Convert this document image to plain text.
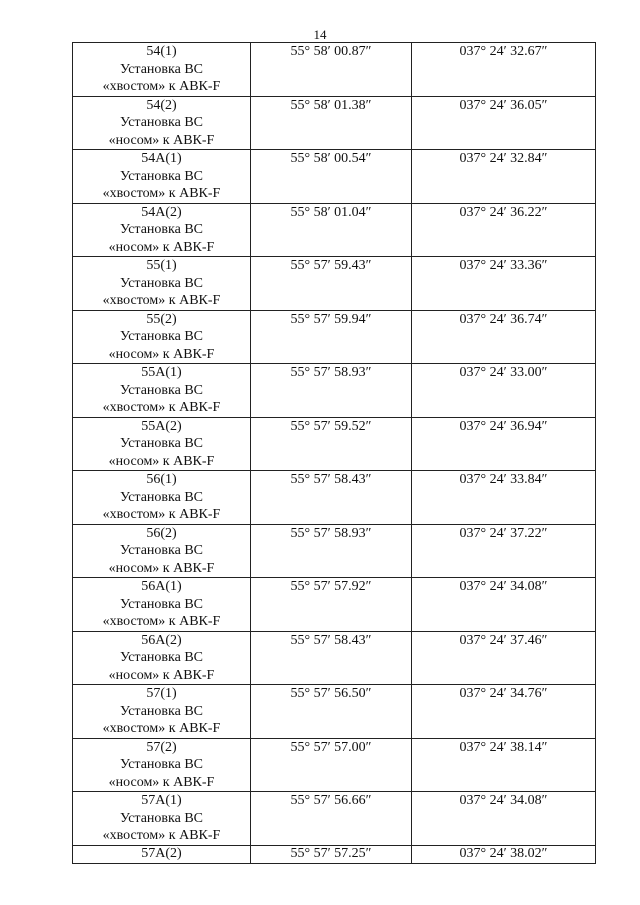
14
54(1)
Установка ВС
«хвостом» к АВК-F	55° 58′ 00.87″	037° 24′ 32.67″

54(2)
Установка ВС
«носом» к АВК-F	55° 58′ 01.38″	037° 24′ 36.05″

54А(1)
Установка ВС
«хвостом» к АВК-F	55° 58′ 00.54″	037° 24′ 32.84″

54А(2)
Установка ВС
«носом» к АВК-F	55° 58′ 01.04″	037° 24′ 36.22″

55(1)
Установка ВС
«хвостом» к АВК-F	55° 57′ 59.43″	037° 24′ 33.36″

55(2)
Установка ВС
«носом» к АВК-F	55° 57′ 59.94″	037° 24′ 36.74″

55А(1)
Установка ВС
«хвостом» к АВК-F	55° 57′ 58.93″	037° 24′ 33.00″

55А(2)
Установка ВС
«носом» к АВК-F	55° 57′ 59.52″	037° 24′ 36.94″

56(1)
Установка ВС
«хвостом» к АВК-F	55° 57′ 58.43″	037° 24′ 33.84″

56(2)
Установка ВС
«носом» к АВК-F	55° 57′ 58.93″	037° 24′ 37.22″

56А(1)
Установка ВС
«хвостом» к АВК-F	55° 57′ 57.92″	037° 24′ 34.08″

56А(2)
Установка ВС
«носом» к АВК-F	55° 57′ 58.43″	037° 24′ 37.46″

57(1)
Установка ВС
«хвостом» к АВК-F	55° 57′ 56.50″	037° 24′ 34.76″

57(2)
Установка ВС
«носом» к АВК-F	55° 57′ 57.00″	037° 24′ 38.14″

57А(1)
Установка ВС
«хвостом» к АВК-F	55° 57′ 56.66″	037° 24′ 34.08″

57А(2)	55° 57′ 57.25″	037° 24′ 38.02″
